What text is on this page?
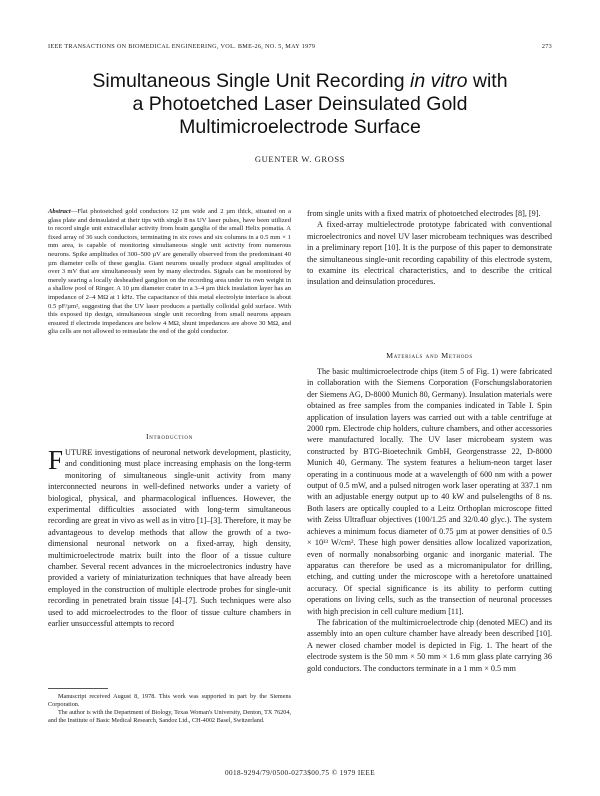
IEEE TRANSACTIONS ON BIOMEDICAL ENGINEERING, VOL. BME-26, NO. 5, MAY 1979	273
Simultaneous Single Unit Recording in vitro with
a Photoetched Laser Deinsulated Gold
Multimicroelectrode Surface
GUENTER W. GROSS
Abstract—Flat photoetched gold conductors 12 µm wide and 2 µm thick, situated on a glass plate and deinsulated at their tips with single 8 ns UV laser pulses, have been utilized to record single unit extracellular activity from brain ganglia of the small Helix pomatia. A fixed array of 36 such conductors, terminating in six rows and six columns in a 0.5 mm × 1 mm area, is capable of monitoring simultaneous single unit activity from numerous neurons. Spike amplitudes of 300–500 µV are generally observed from the predominant 40 µm diameter cells of these ganglia. Giant neurons usually produce signal amplitudes of over 3 mV that are simultaneously seen by many electrodes. Signals can be monitored by merely searing a locally desheathed ganglion on the recording area under its own weight in a shallow pool of Ringer. A 10 µm diameter crater in a 3–4 µm thick insulation layer has an impedance of 2–4 MΩ at 1 kHz. The capacitance of this metal electrolyte interface is about 0.5 pF/µm², suggesting that the UV laser produces a partially colloidal gold surface. With this exposed tip design, simultaneous single unit recording from small neurons appears ensured if electrode impedances are below 4 MΩ, shunt impedances are above 30 MΩ, and glia cells are not allowed to reinsulate the end of the gold conductor.
Introduction
FUTURE investigations of neuronal network development, plasticity, and conditioning must place increasing emphasis on the long-term monitoring of simultaneous single-unit activity from many interconnected neurons in well-defined networks under a variety of biological, physical, and pharmacological influences. However, the experimental difficulties associated with long-term simultaneous recording are great in vivo as well as in vitro [1]–[3]. Therefore, it may be advantageous to develop methods that allow the growth of a two-dimensional neuronal network on a fixed-array, high density, multimicroelectrode matrix built into the floor of a tissue culture chamber. Several recent advances in the microelectronics industry have provided a variety of miniaturization techniques that have already been employed in the construction of multiple electrode probes for single-unit recording in penetrated brain tissue [4]–[7]. Such techniques were also used to add microelectrodes to the floor of tissue culture chambers in earlier unsuccessful attempts to record
Manuscript received August 8, 1978. This work was supported in part by the Siemens Corporation.
The author is with the Department of Biology, Texas Woman's University, Denton, TX 76204, and the Institute of Basic Medical Research, Sandoz Ltd., CH-4002 Basel, Switzerland.

from single units with a fixed matrix of photoetched electrodes [8], [9].

A fixed-array multielectrode prototype fabricated with conventional microelectronics and novel UV laser microbeam techniques was described in a preliminary report [10]. It is the purpose of this paper to demonstrate the simultaneous single-unit recording capability of this electrode system, to examine its electrical characteristics, and to describe the critical insulation and deinsulation procedures.

Materials and Methods

The basic multimicroelectrode chips (item 5 of Fig. 1) were fabricated in collaboration with the Siemens Corporation (Forschungslaboratorien der Siemens AG, D-8000 Munich 80, Germany). Insulation materials were obtained as free samples from the companies indicated in Table I. Spin application of insulation layers was carried out with a table centrifuge at 2000 rpm. Electrode chip holders, culture chambers, and other accessories were manufactured locally. The UV laser microbeam system was constructed by BTG-Bioetechnik GmbH, Georgenstrasse 22, D-8000 Munich 40, Germany. The system features a helium-neon target laser operating in a continuous mode at a wavelength of 600 nm with a power output of 0.5 mW, and a pulsed nitrogen work laser operating at 337.1 nm with an adjustable energy output up to 40 kW and pulselengths of 8 ns. Both lasers are optically coupled to a Leitz Orthoplan microscope fitted with Zeiss Ultrafluar objectives (100/1.25 and 32/0.40 glyc.). The system achieves a minimum focus diameter of 0.75 µm at power densities of 0.5 × 10¹³ W/cm². These high power densities allow localized vaporization, even of normally nonabsorbing organic and inorganic material. The apparatus can therefore be used as a micromanipulator for drilling, etching, and cutting under the microscope with a heretofore unattained accuracy. Of special significance is its ability to perform cutting operations on living cells, such as the transection of neuronal processes with high precision in cell culture medium [11].

The fabrication of the multimicroelectrode chip (denoted MEC) and its assembly into an open culture chamber have already been described [10]. A newer closed chamber model is depicted in Fig. 1. The heart of the electrode system is the 50 mm × 50 mm × 1.6 mm glass plate carrying 36 gold conductors. The conductors terminate in a 1 mm × 0.5 mm

0018-9294/79/0500-0273$00.75 © 1979 IEEE
